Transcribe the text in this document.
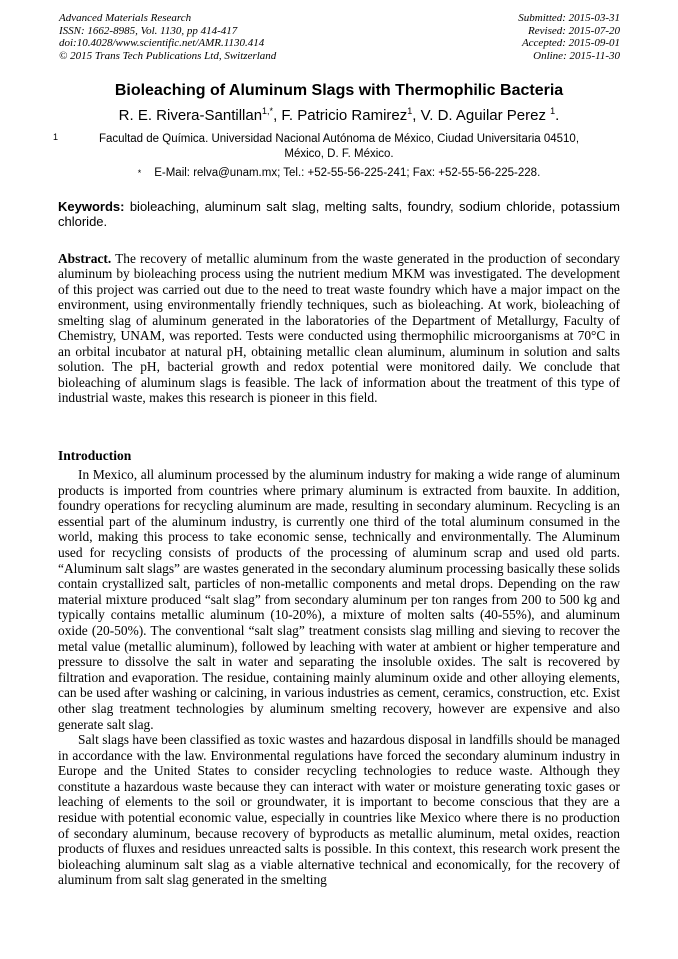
Advanced Materials Research
ISSN: 1662-8985, Vol. 1130, pp 414-417
doi:10.4028/www.scientific.net/AMR.1130.414
© 2015 Trans Tech Publications Ltd, Switzerland
Submitted: 2015-03-31
Revised: 2015-07-20
Accepted: 2015-09-01
Online: 2015-11-30
Bioleaching of Aluminum Slags with Thermophilic Bacteria
R. E. Rivera-Santillan$^{1,*}$, F. Patricio Ramirez$^1$, V. D. Aguilar Perez $^1$.
1	Facultad de Química. Universidad Nacional Autónoma de México, Ciudad Universitaria 04510,
México, D. F. México.
* E-Mail: relva@unam.mx; Tel.: +52-55-56-225-241; Fax: +52-55-56-225-228.

Keywords: bioleaching, aluminum salt slag, melting salts, foundry, sodium chloride, potassium chloride.

Abstract. The recovery of metallic aluminum from the waste generated in the production of secondary aluminum by bioleaching process using the nutrient medium MKM was investigated. The development of this project was carried out due to the need to treat waste foundry which have a major impact on the environment, using environmentally friendly techniques, such as bioleaching. At work, bioleaching of smelting slag of aluminum generated in the laboratories of the Department of Metallurgy, Faculty of Chemistry, UNAM, was reported. Tests were conducted using thermophilic microorganisms at 70°C in an orbital incubator at natural pH, obtaining metallic clean aluminum, aluminum in solution and salts solution. The pH, bacterial growth and redox potential were monitored daily. We conclude that bioleaching of aluminum slags is feasible. The lack of information about the treatment of this type of industrial waste, makes this research is pioneer in this field.

Introduction

In Mexico, all aluminum processed by the aluminum industry for making a wide range of aluminum products is imported from countries where primary aluminum is extracted from bauxite. In addition, foundry operations for recycling aluminum are made, resulting in secondary aluminum. Recycling is an essential part of the aluminum industry, is currently one third of the total aluminum consumed in the world, making this process to take economic sense, technically and environmentally. The Aluminum used for recycling consists of products of the processing of aluminum scrap and used old parts. “Aluminum salt slags” are wastes generated in the secondary aluminum processing basically these solids contain crystallized salt, particles of non-metallic components and metal drops. Depending on the raw material mixture produced “salt slag” from secondary aluminum per ton ranges from 200 to 500 kg and typically contains metallic aluminum (10-20%), a mixture of molten salts (40-55%), and aluminum oxide (20-50%). The conventional “salt slag” treatment consists slag milling and sieving to recover the metal value (metallic aluminum), followed by leaching with water at ambient or higher temperature and pressure to dissolve the salt in water and separating the insoluble oxides. The salt is recovered by filtration and evaporation. The residue, containing mainly aluminum oxide and other alloying elements, can be used after washing or calcining, in various industries as cement, ceramics, construction, etc. Exist other slag treatment technologies by aluminum smelting recovery, however are expensive and also generate salt slag.

Salt slags have been classified as toxic wastes and hazardous disposal in landfills should be managed in accordance with the law. Environmental regulations have forced the secondary aluminum industry in Europe and the United States to consider recycling technologies to reduce waste. Although they constitute a hazardous waste because they can interact with water or moisture generating toxic gases or leaching of elements to the soil or groundwater, it is important to become conscious that they are a residue with potential economic value, especially in countries like Mexico where there is no production of secondary aluminum, because recovery of byproducts as metallic aluminum, metal oxides, reaction products of fluxes and residues unreacted salts is possible. In this context, this research work present the bioleaching aluminum salt slag as a viable alternative technical and economically, for the recovery of aluminum from salt slag generated in the smelting
